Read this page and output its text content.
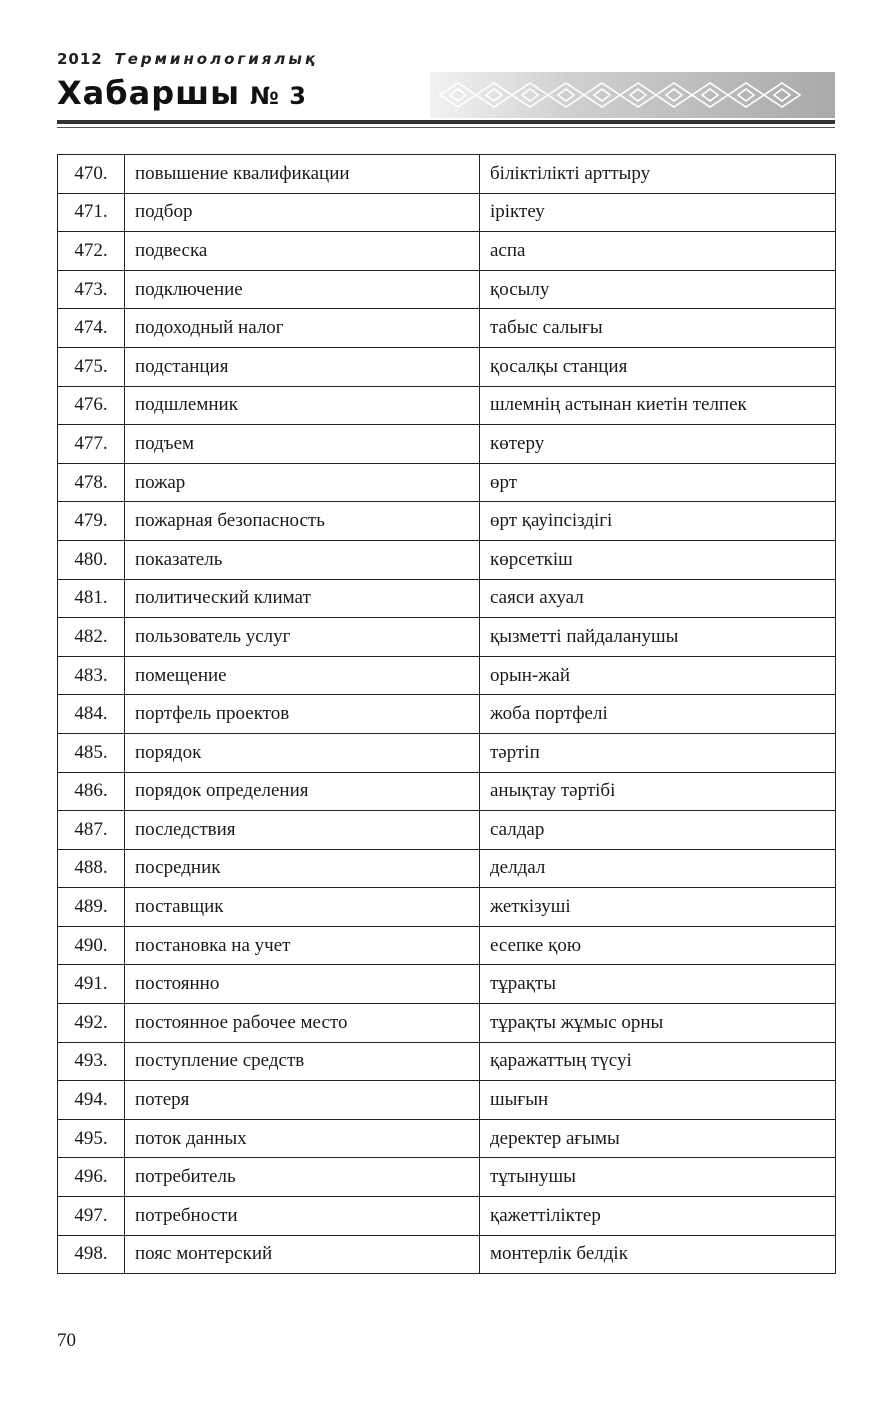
2012 Терминологиялық
Хабаршы № 3
470.	повышение квалификации	біліктілікті арттыру
471.	подбор	іріктеу
472.	подвеска	аспа
473.	подключение	қосылу
474.	подоходный налог	табыс салығы
475.	подстанция	қосалқы станция
476.	подшлемник	шлемнің астынан киетін телпек
477.	подъем	көтеру
478.	пожар	өрт
479.	пожарная безопасность	өрт қауіпсіздігі
480.	показатель	көрсеткіш
481.	политический климат	саяси ахуал
482.	пользователь услуг	қызметті пайдаланушы
483.	помещение	орын-жай
484.	портфель проектов	жоба портфелі
485.	порядок	тәртіп
486.	порядок определения	анықтау тәртібі
487.	последствия	салдар
488.	посредник	делдал
489.	поставщик	жеткізуші
490.	постановка на учет	есепке қою
491.	постоянно	тұрақты
492.	постоянное рабочее место	тұрақты жұмыс орны
493.	поступление средств	қаражаттың түсуі
494.	потеря	шығын
495.	поток данных	деректер ағымы
496.	потребитель	тұтынушы
497.	потребности	қажеттіліктер
498.	пояс монтерский	монтерлік белдік
70
